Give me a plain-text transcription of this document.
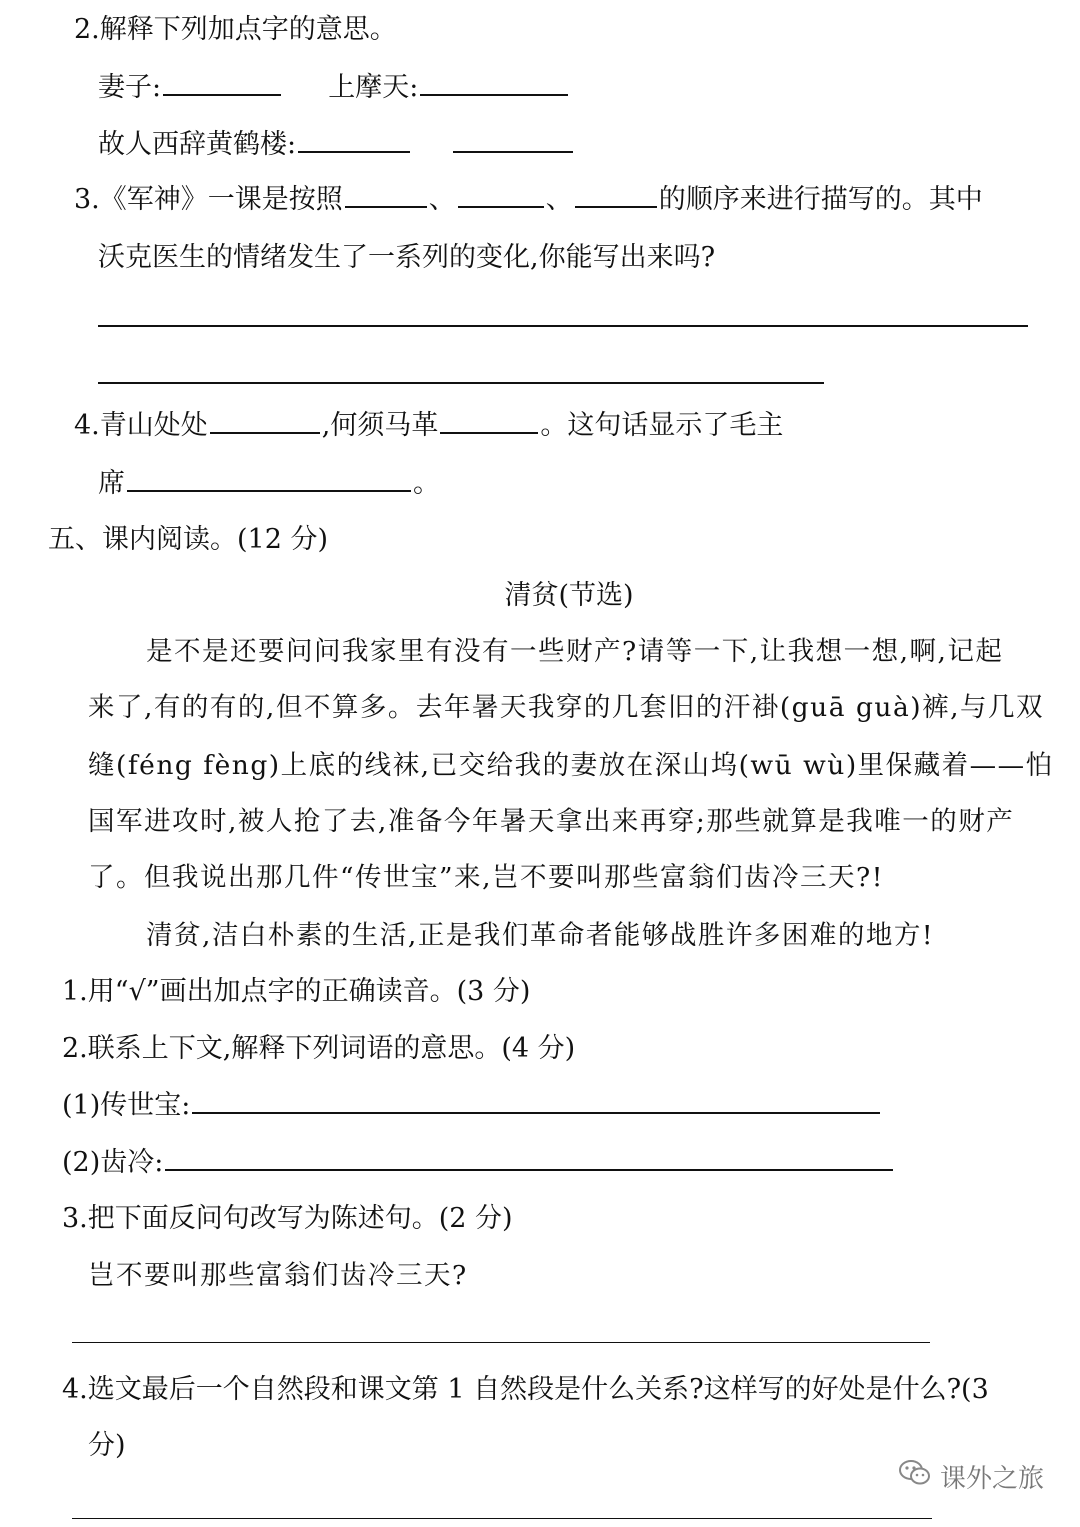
2.解释下列加点字的意思。
妻子:	上摩天:
故人西辞黄鹤楼:
3.《军神》一课是按照	、	、	的顺序来进行描写的。其中
沃克医生的情绪发生了一系列的变化,你能写出来吗?
4.青山处处	,何须马革	。这句话显示了毛主
席	。
五、课内阅读。(12 分)
清贫(节选)
是不是还要问问我家里有没有一些财产?请等一下,让我想一想,啊,记起
来了,有的有的,但不算多。去年暑天我穿的几套旧的汗褂(guā guà)裤,与几双
缝(féng fèng)上底的线袜,已交给我的妻放在深山坞(wū wù)里保藏着——怕
国军进攻时,被人抢了去,准备今年暑天拿出来再穿;那些就算是我唯一的财产
了。但我说出那几件“传世宝”来,岂不要叫那些富翁们齿冷三天?!
清贫,洁白朴素的生活,正是我们革命者能够战胜许多困难的地方!
1.用“√”画出加点字的正确读音。(3 分)
2.联系上下文,解释下列词语的意思。(4 分)
(1)传世宝:
(2)齿冷:
3.把下面反问句改写为陈述句。(2 分)
岂不要叫那些富翁们齿冷三天?
4.选文最后一个自然段和课文第 1 自然段是什么关系?这样写的好处是什么?(3
分)
课外之旅
